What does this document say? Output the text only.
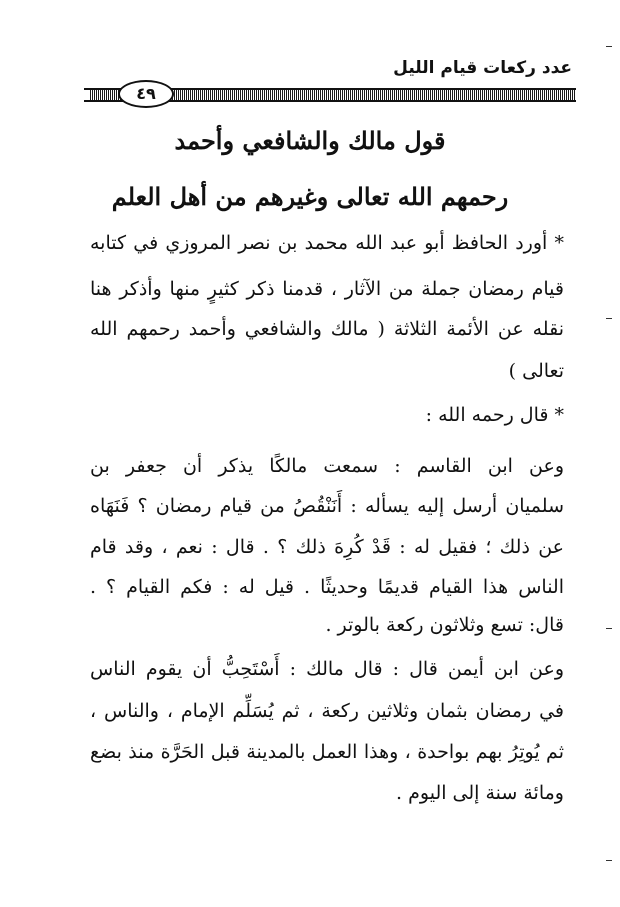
عدد ركعات قيام الليل
٤٩
قول مالك والشافعي وأحمد
رحمهم الله تعالى وغيرهم من أهل العلم
* أورد الحافظ أبو عبد الله محمد بن نصر المروزي في كتابه
قيام رمضان جملة من الآثار ، قدمنا ذكر كثيرٍ منها وأذكر هنا
نقله عن الأئمة الثلاثة ( مالك والشافعي وأحمد رحمهم الله
تعالى )
* قال رحمه الله :
وعن ابن القاسم : سمعت مالكًا يذكر أن جعفر بن
سلميان أرسل إليه يسأله : أَنَنْقُصُ من قيام رمضان ؟ فَنَهَاه
عن ذلك ؛ فقيل له : قَدْ كُرِهَ ذلك ؟ . قال : نعم ، وقد قام
الناس هذا القيام قديمًا وحديثًا . قيل له : فكم القيام ؟ .
قال: تسع وثلاثون ركعة بالوتر .
وعن ابن أيمن قال : قال مالك : أَسْتَحِبُّ أن يقوم الناس
في رمضان بثمان وثلاثين ركعة ، ثم يُسَلِّم الإمام ، والناس ،
ثم يُوتِرُ بهم بواحدة ، وهذا العمل بالمدينة قبل الحَرَّة منذ بضع
ومائة سنة إلى اليوم .
